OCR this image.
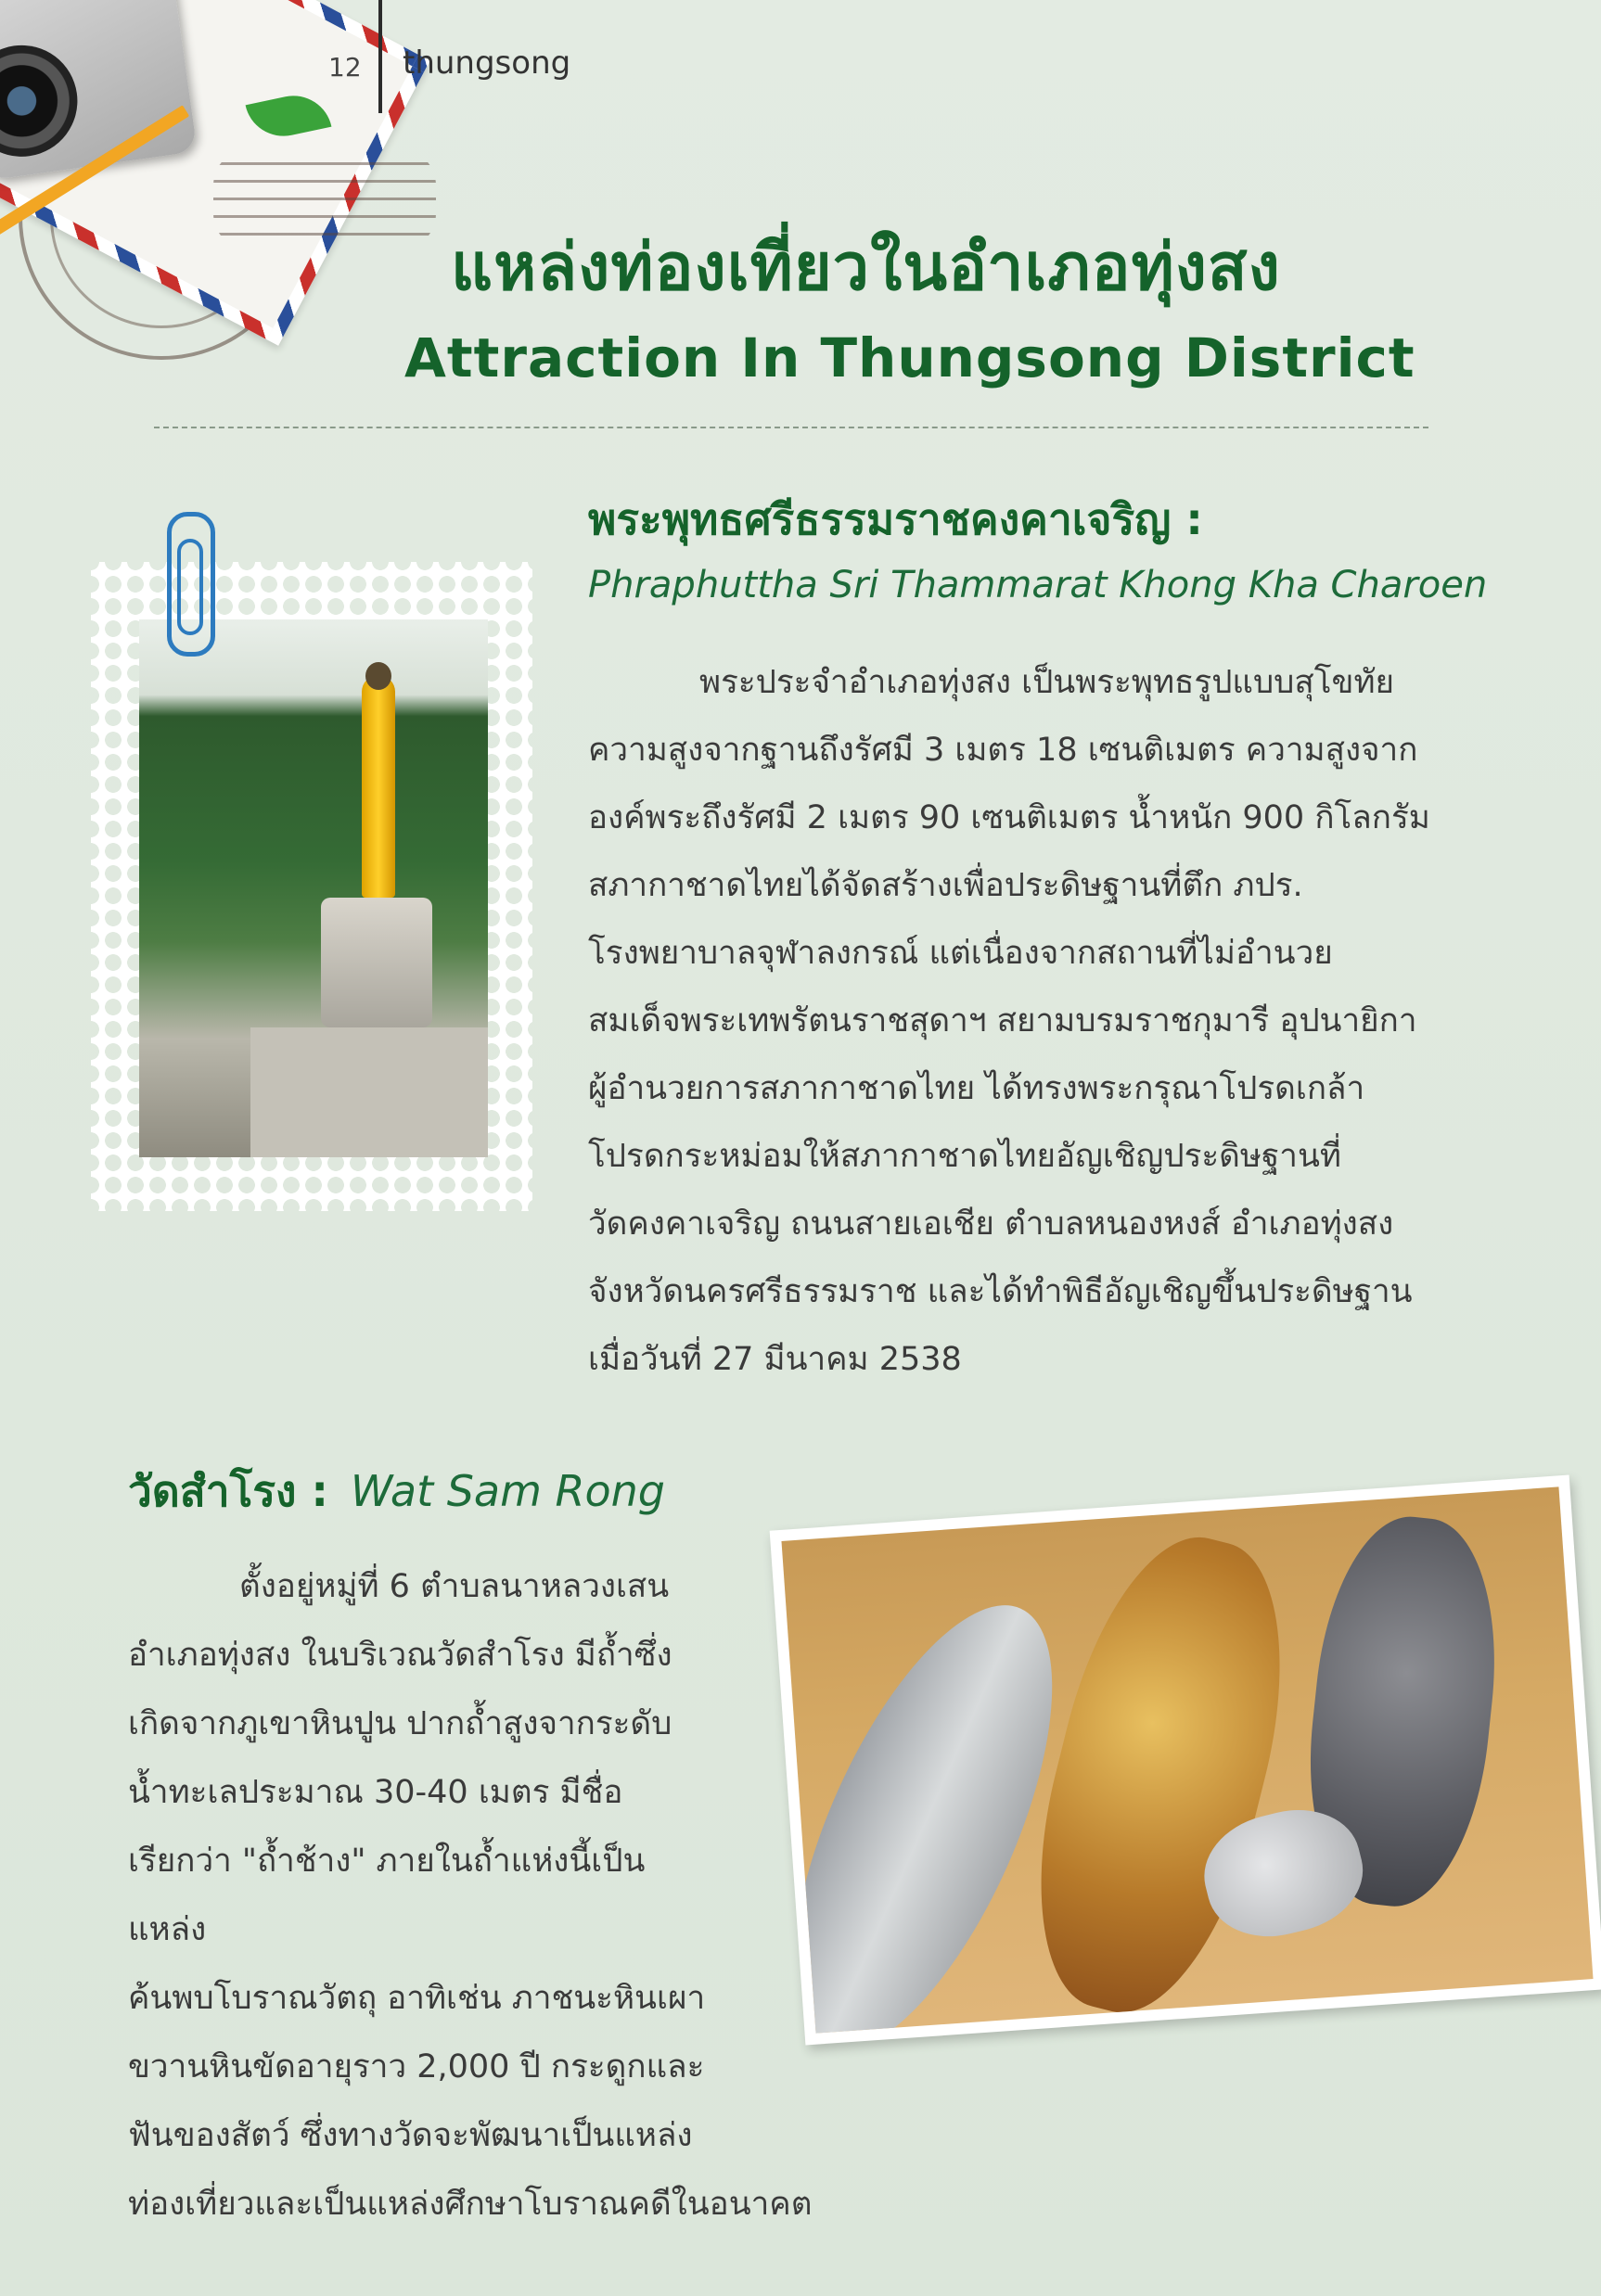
12 thungsong
แหล่งท่องเที่ยวในอำเภอทุ่งสง
Attraction In Thungsong District
พระพุทธศรีธรรมราชคงคาเจริญ :
Phraphuttha Sri Thammarat Khong Kha Charoen

พระประจำอำเภอทุ่งสง เป็นพระพุทธรูปแบบสุโขทัย

ความสูงจากฐานถึงรัศมี 3 เมตร 18 เซนติเมตร ความสูงจาก
องค์พระถึงรัศมี 2 เมตร 90 เซนติเมตร น้ำหนัก 900 กิโลกรัม
สภากาชาดไทยได้จัดสร้างเพื่อประดิษฐานที่ตึก ภปร.
โรงพยาบาลจุฬาลงกรณ์ แต่เนื่องจากสถานที่ไม่อำนวย
สมเด็จพระเทพรัตนราชสุดาฯ สยามบรมราชกุมารี อุปนายิกา
ผู้อำนวยการสภากาชาดไทย ได้ทรงพระกรุณาโปรดเกล้า
โปรดกระหม่อมให้สภากาชาดไทยอัญเชิญประดิษฐานที่
วัดคงคาเจริญ ถนนสายเอเชีย ตำบลหนองหงส์ อำเภอทุ่งสง
จังหวัดนครศรีธรรมราช และได้ทำพิธีอัญเชิญขึ้นประดิษฐาน
เมื่อวันที่ 27 มีนาคม 2538
วัดสำโรง : Wat Sam Rong

ตั้งอยู่หมู่ที่ 6 ตำบลนาหลวงเสน

อำเภอทุ่งสง ในบริเวณวัดสำโรง มีถ้ำซึ่ง
เกิดจากภูเขาหินปูน ปากถ้ำสูงจากระดับ
น้ำทะเลประมาณ 30-40 เมตร มีชื่อ
เรียกว่า "ถ้ำช้าง" ภายในถ้ำแห่งนี้เป็นแหล่ง
ค้นพบโบราณวัตถุ อาทิเช่น ภาชนะหินเผา
ขวานหินขัดอายุราว 2,000 ปี กระดูกและ
ฟันของสัตว์ ซึ่งทางวัดจะพัฒนาเป็นแหล่ง
ท่องเที่ยวและเป็นแหล่งศึกษาโบราณคดีในอนาคต
